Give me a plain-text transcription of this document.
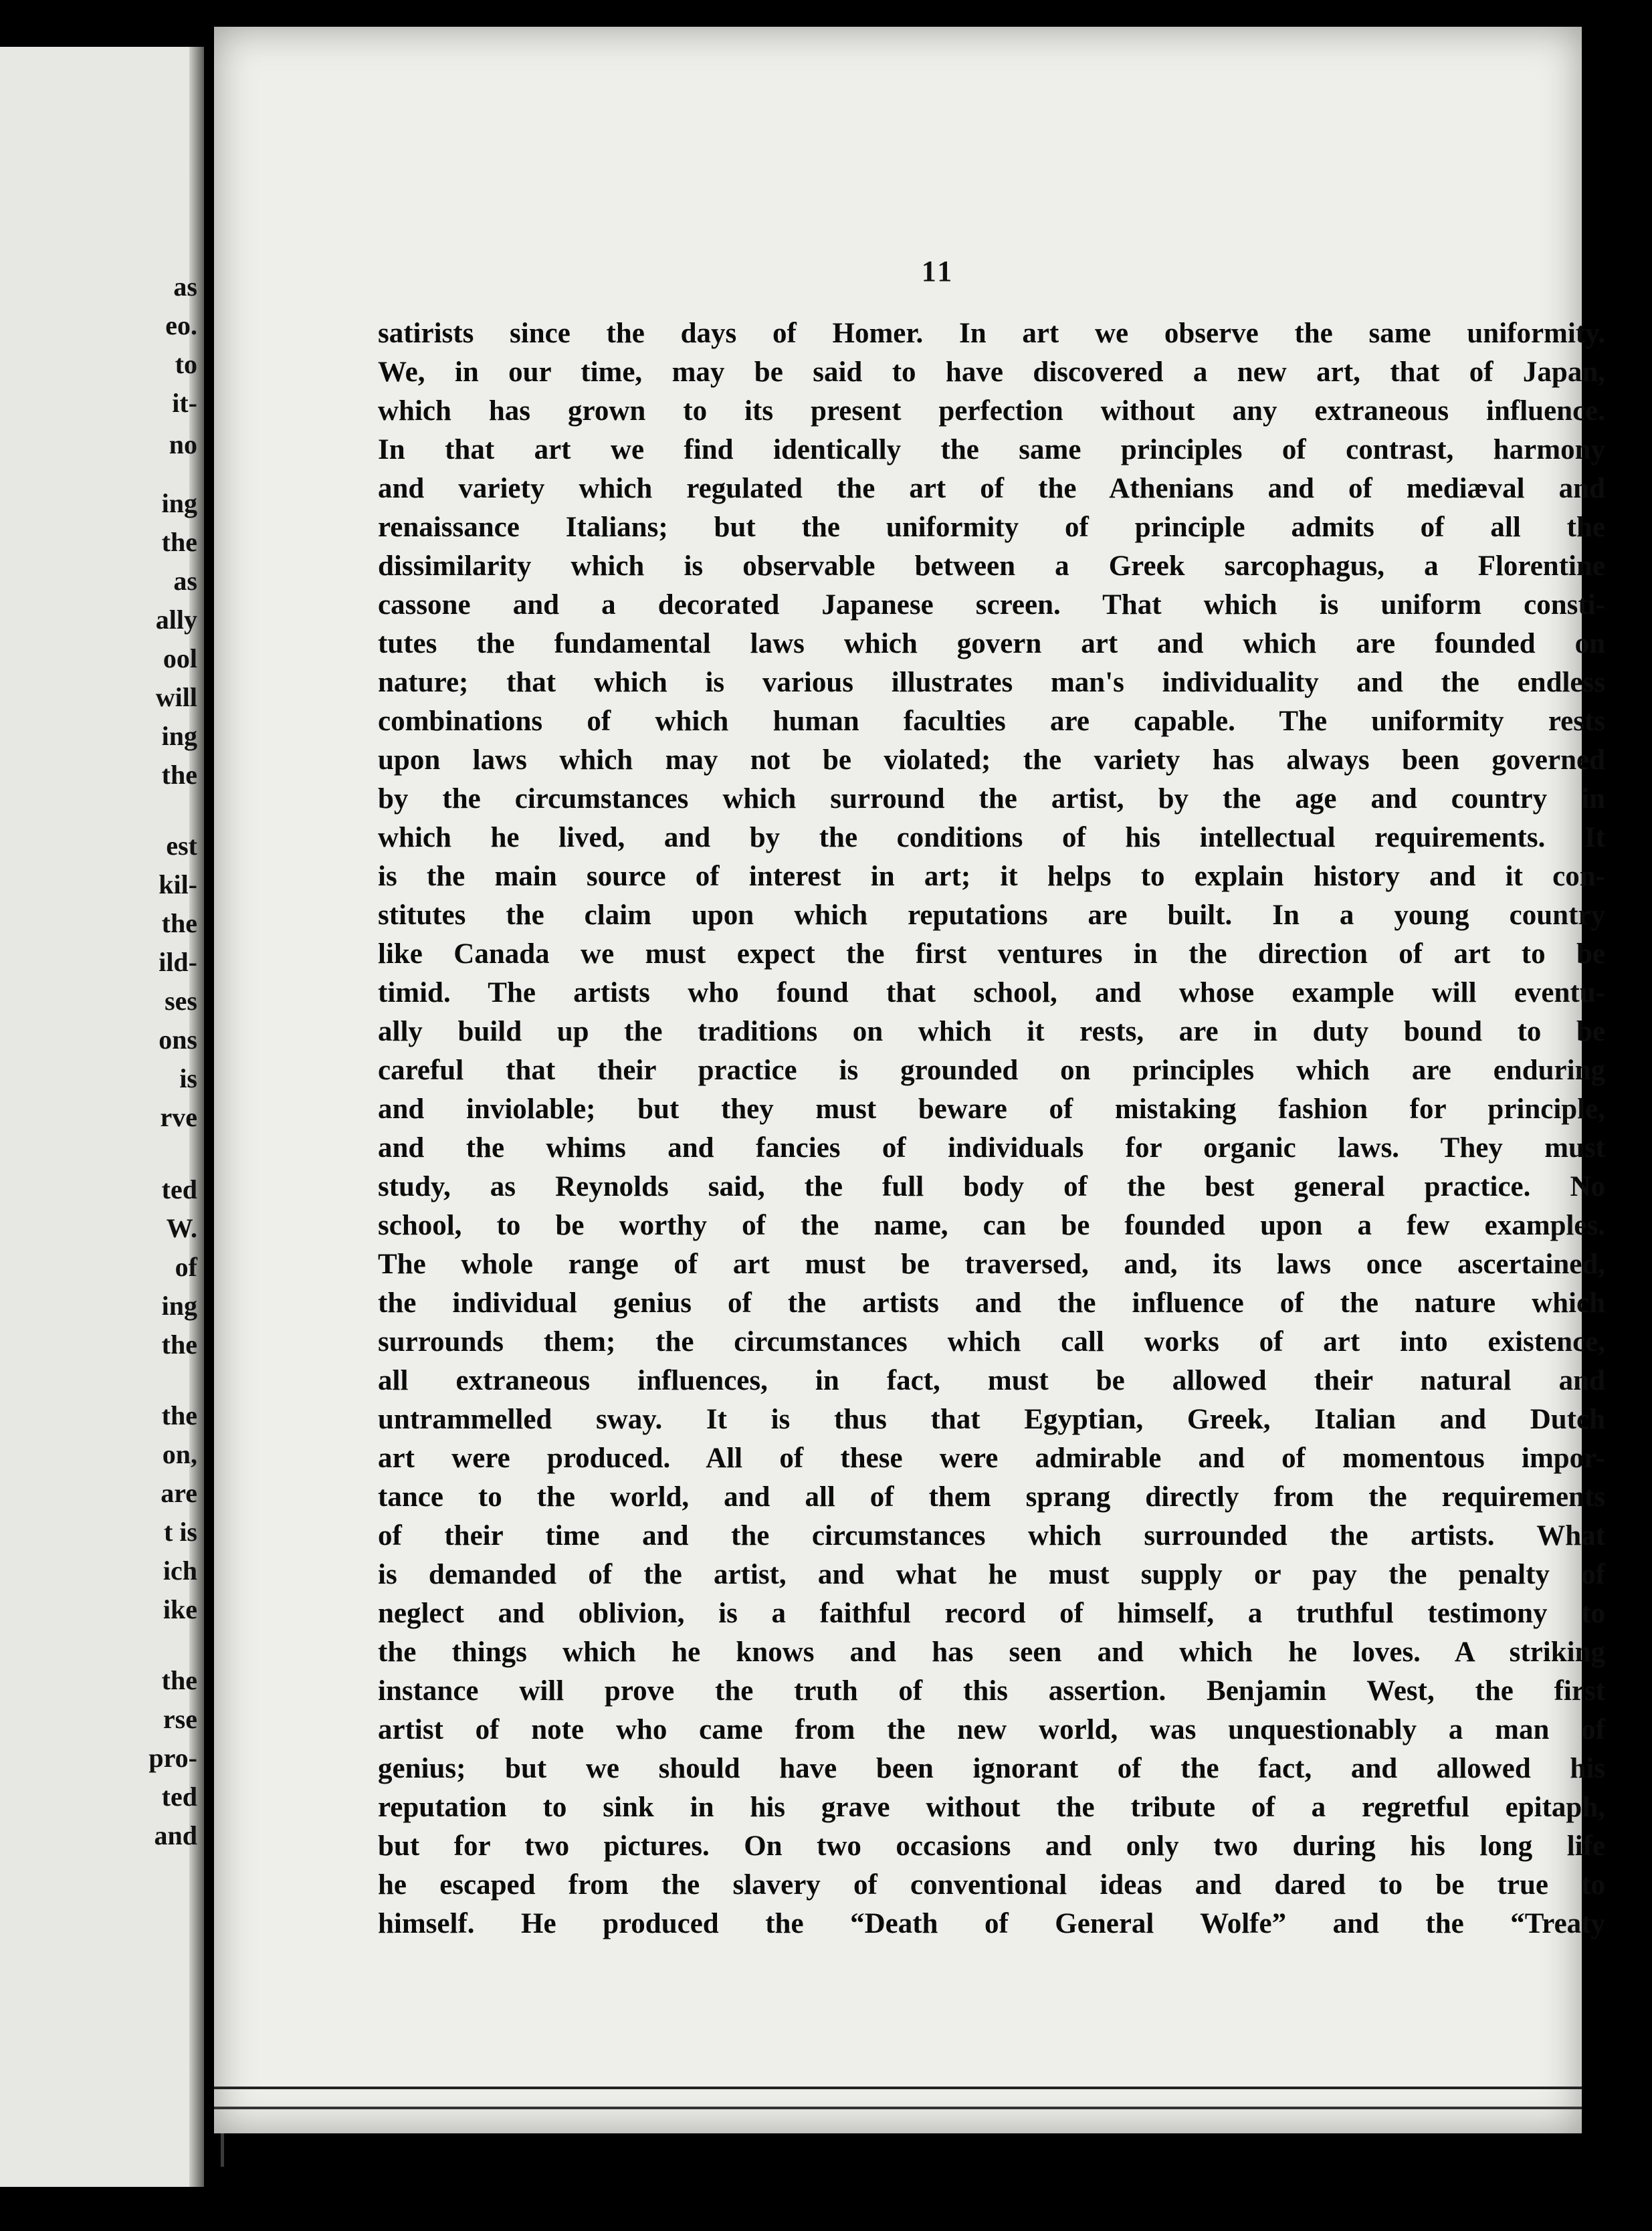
as
eo.
to
it-
no
ing
the
as
ally
ool
will
ing
the
est
kil-
the
ild-
ses
ons
is
rve
ted
W.
of
ing
the
the
on,
are
t is
ich
ike
the
rse
pro-
ted
and
11
satirists since the days of Homer. In art we observe the same uniformity.
We, in our time, may be said to have discovered a new art, that of Japan,
which has grown to its present perfection without any extraneous influence.
In that art we find identically the same principles of contrast, harmony
and variety which regulated the art of the Athenians and of mediæval and
renaissance Italians; but the uniformity of principle admits of all the
dissimilarity which is observable between a Greek sarcophagus, a Florentine
cassone and a decorated Japanese screen. That which is uniform consti-
tutes the fundamental laws which govern art and which are founded on
nature; that which is various illustrates man's individuality and the endless
combinations of which human faculties are capable. The uniformity rests
upon laws which may not be violated; the variety has always been governed
by the circumstances which surround the artist, by the age and country in
which he lived, and by the conditions of his intellectual requirements. It
is the main source of interest in art; it helps to explain history and it con-
stitutes the claim upon which reputations are built. In a young country
like Canada we must expect the first ventures in the direction of art to be
timid. The artists who found that school, and whose example will eventu-
ally build up the traditions on which it rests, are in duty bound to be
careful that their practice is grounded on principles which are enduring
and inviolable; but they must beware of mistaking fashion for principle,
and the whims and fancies of individuals for organic laws. They must
study, as Reynolds said, the full body of the best general practice. No
school, to be worthy of the name, can be founded upon a few examples.
The whole range of art must be traversed, and, its laws once ascertained,
the individual genius of the artists and the influence of the nature which
surrounds them; the circumstances which call works of art into existence,
all extraneous influences, in fact, must be allowed their natural and
untrammelled sway. It is thus that Egyptian, Greek, Italian and Dutch
art were produced. All of these were admirable and of momentous impor-
tance to the world, and all of them sprang directly from the requirements
of their time and the circumstances which surrounded the artists. What
is demanded of the artist, and what he must supply or pay the penalty of
neglect and oblivion, is a faithful record of himself, a truthful testimony to
the things which he knows and has seen and which he loves. A striking
instance will prove the truth of this assertion. Benjamin West, the first
artist of note who came from the new world, was unquestionably a man of
genius; but we should have been ignorant of the fact, and allowed his
reputation to sink in his grave without the tribute of a regretful epitaph,
but for two pictures. On two occasions and only two during his long life
he escaped from the slavery of conventional ideas and dared to be true to
himself. He produced the “Death of General Wolfe” and the “Treaty
